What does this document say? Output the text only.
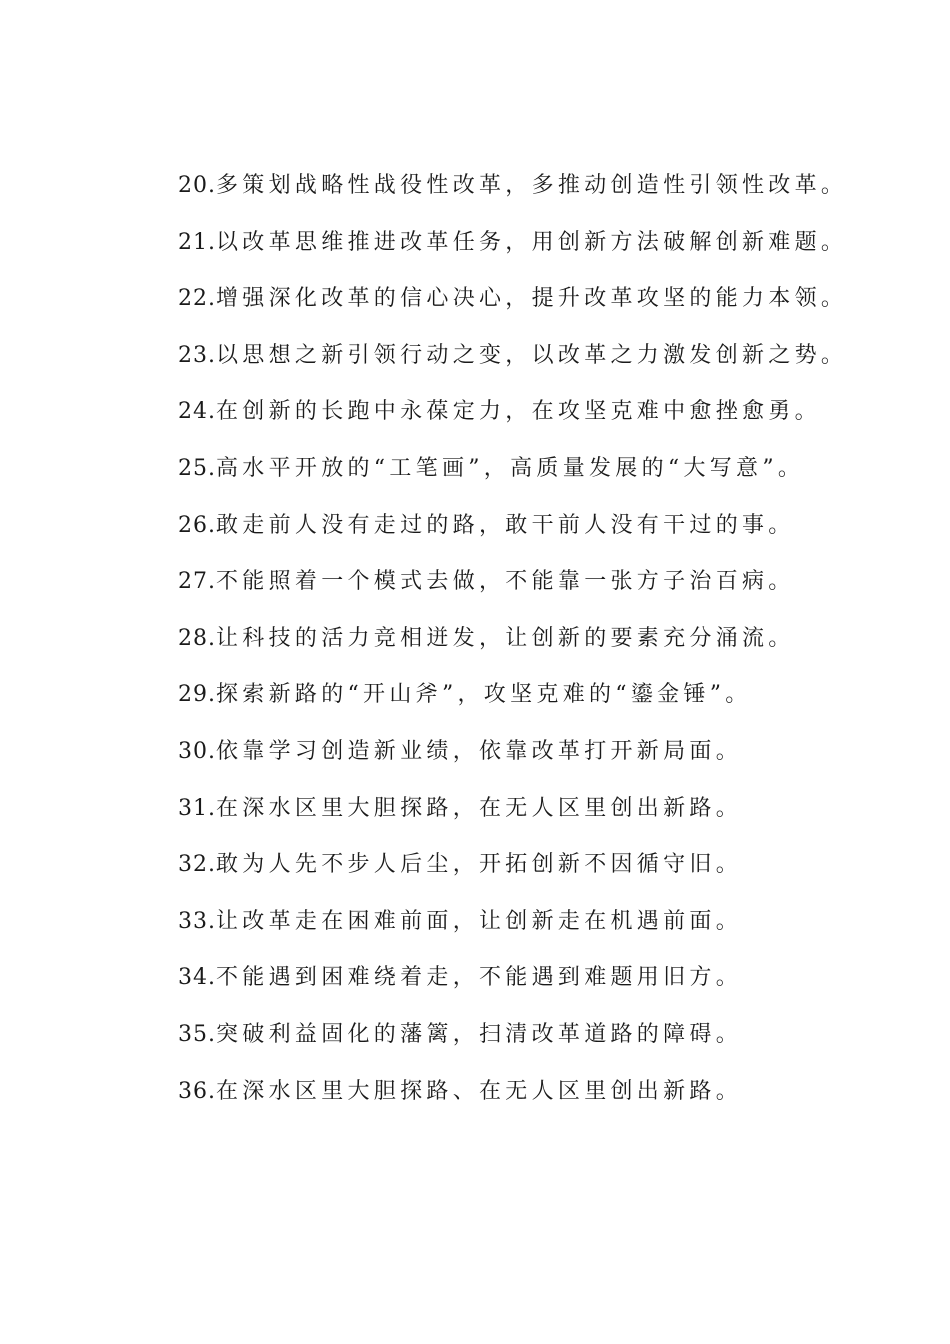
20.多策划战略性战役性改革，多推动创造性引领性改革。
21.以改革思维推进改革任务，用创新方法破解创新难题。
22.增强深化改革的信心决心，提升改革攻坚的能力本领。
23.以思想之新引领行动之变，以改革之力激发创新之势。
24.在创新的长跑中永葆定力，在攻坚克难中愈挫愈勇。
25.高水平开放的“工笔画”，高质量发展的“大写意”。
26.敢走前人没有走过的路，敢干前人没有干过的事。
27.不能照着一个模式去做，不能靠一张方子治百病。
28.让科技的活力竞相迸发，让创新的要素充分涌流。
29.探索新路的“开山斧”，攻坚克难的“鎏金锤”。
30.依靠学习创造新业绩，依靠改革打开新局面。
31.在深水区里大胆探路，在无人区里创出新路。
32.敢为人先不步人后尘，开拓创新不因循守旧。
33.让改革走在困难前面，让创新走在机遇前面。
34.不能遇到困难绕着走，不能遇到难题用旧方。
35.突破利益固化的藩篱，扫清改革道路的障碍。
36.在深水区里大胆探路、在无人区里创出新路。
